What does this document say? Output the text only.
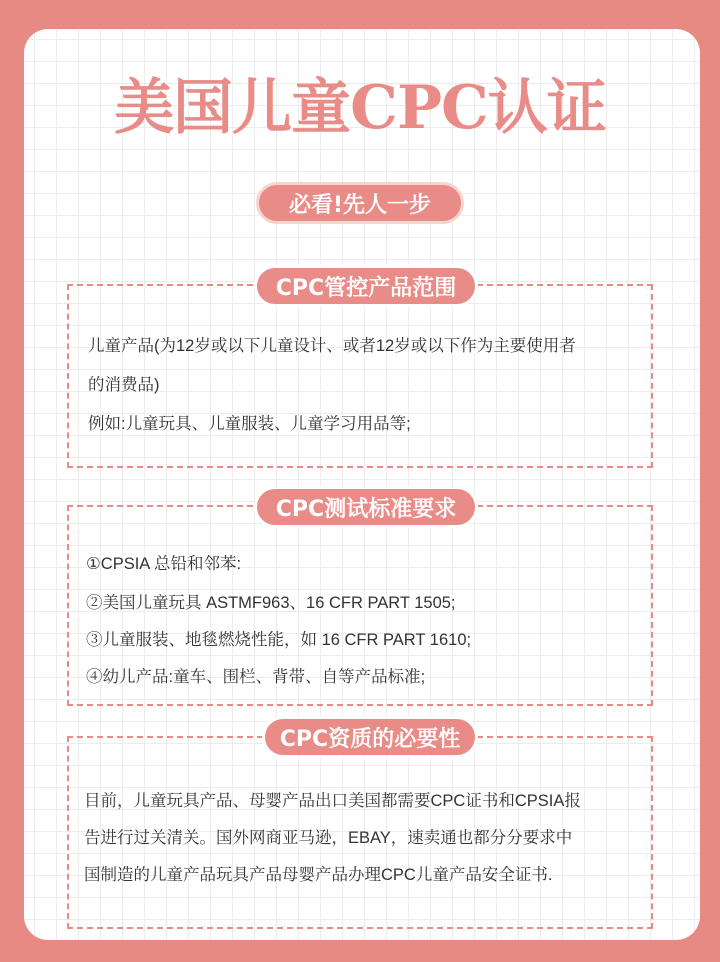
美国儿童CPC认证
必看!先人一步
CPC管控产品范围
儿童产品(为12岁或以下儿童设计、或者12岁或以下作为主要使用者
的消费品)
例如:儿童玩具、儿童服装、儿童学习用品等;
CPC测试标准要求
①CPSIA 总铅和邻苯:
②美国儿童玩具 ASTMF963、16 CFR PART 1505;
③儿童服装、地毯燃烧性能，如 16 CFR PART 1610;
④幼儿产品:童车、围栏、背带、自等产品标准;
CPC资质的必要性
目前，儿童玩具产品、母婴产品出口美国都需要CPC证书和CPSIA报
告进行过关清关。国外网商亚马逊，EBAY，速卖通也都分分要求中
国制造的儿童产品玩具产品母婴产品办理CPC儿童产品安全证书.
